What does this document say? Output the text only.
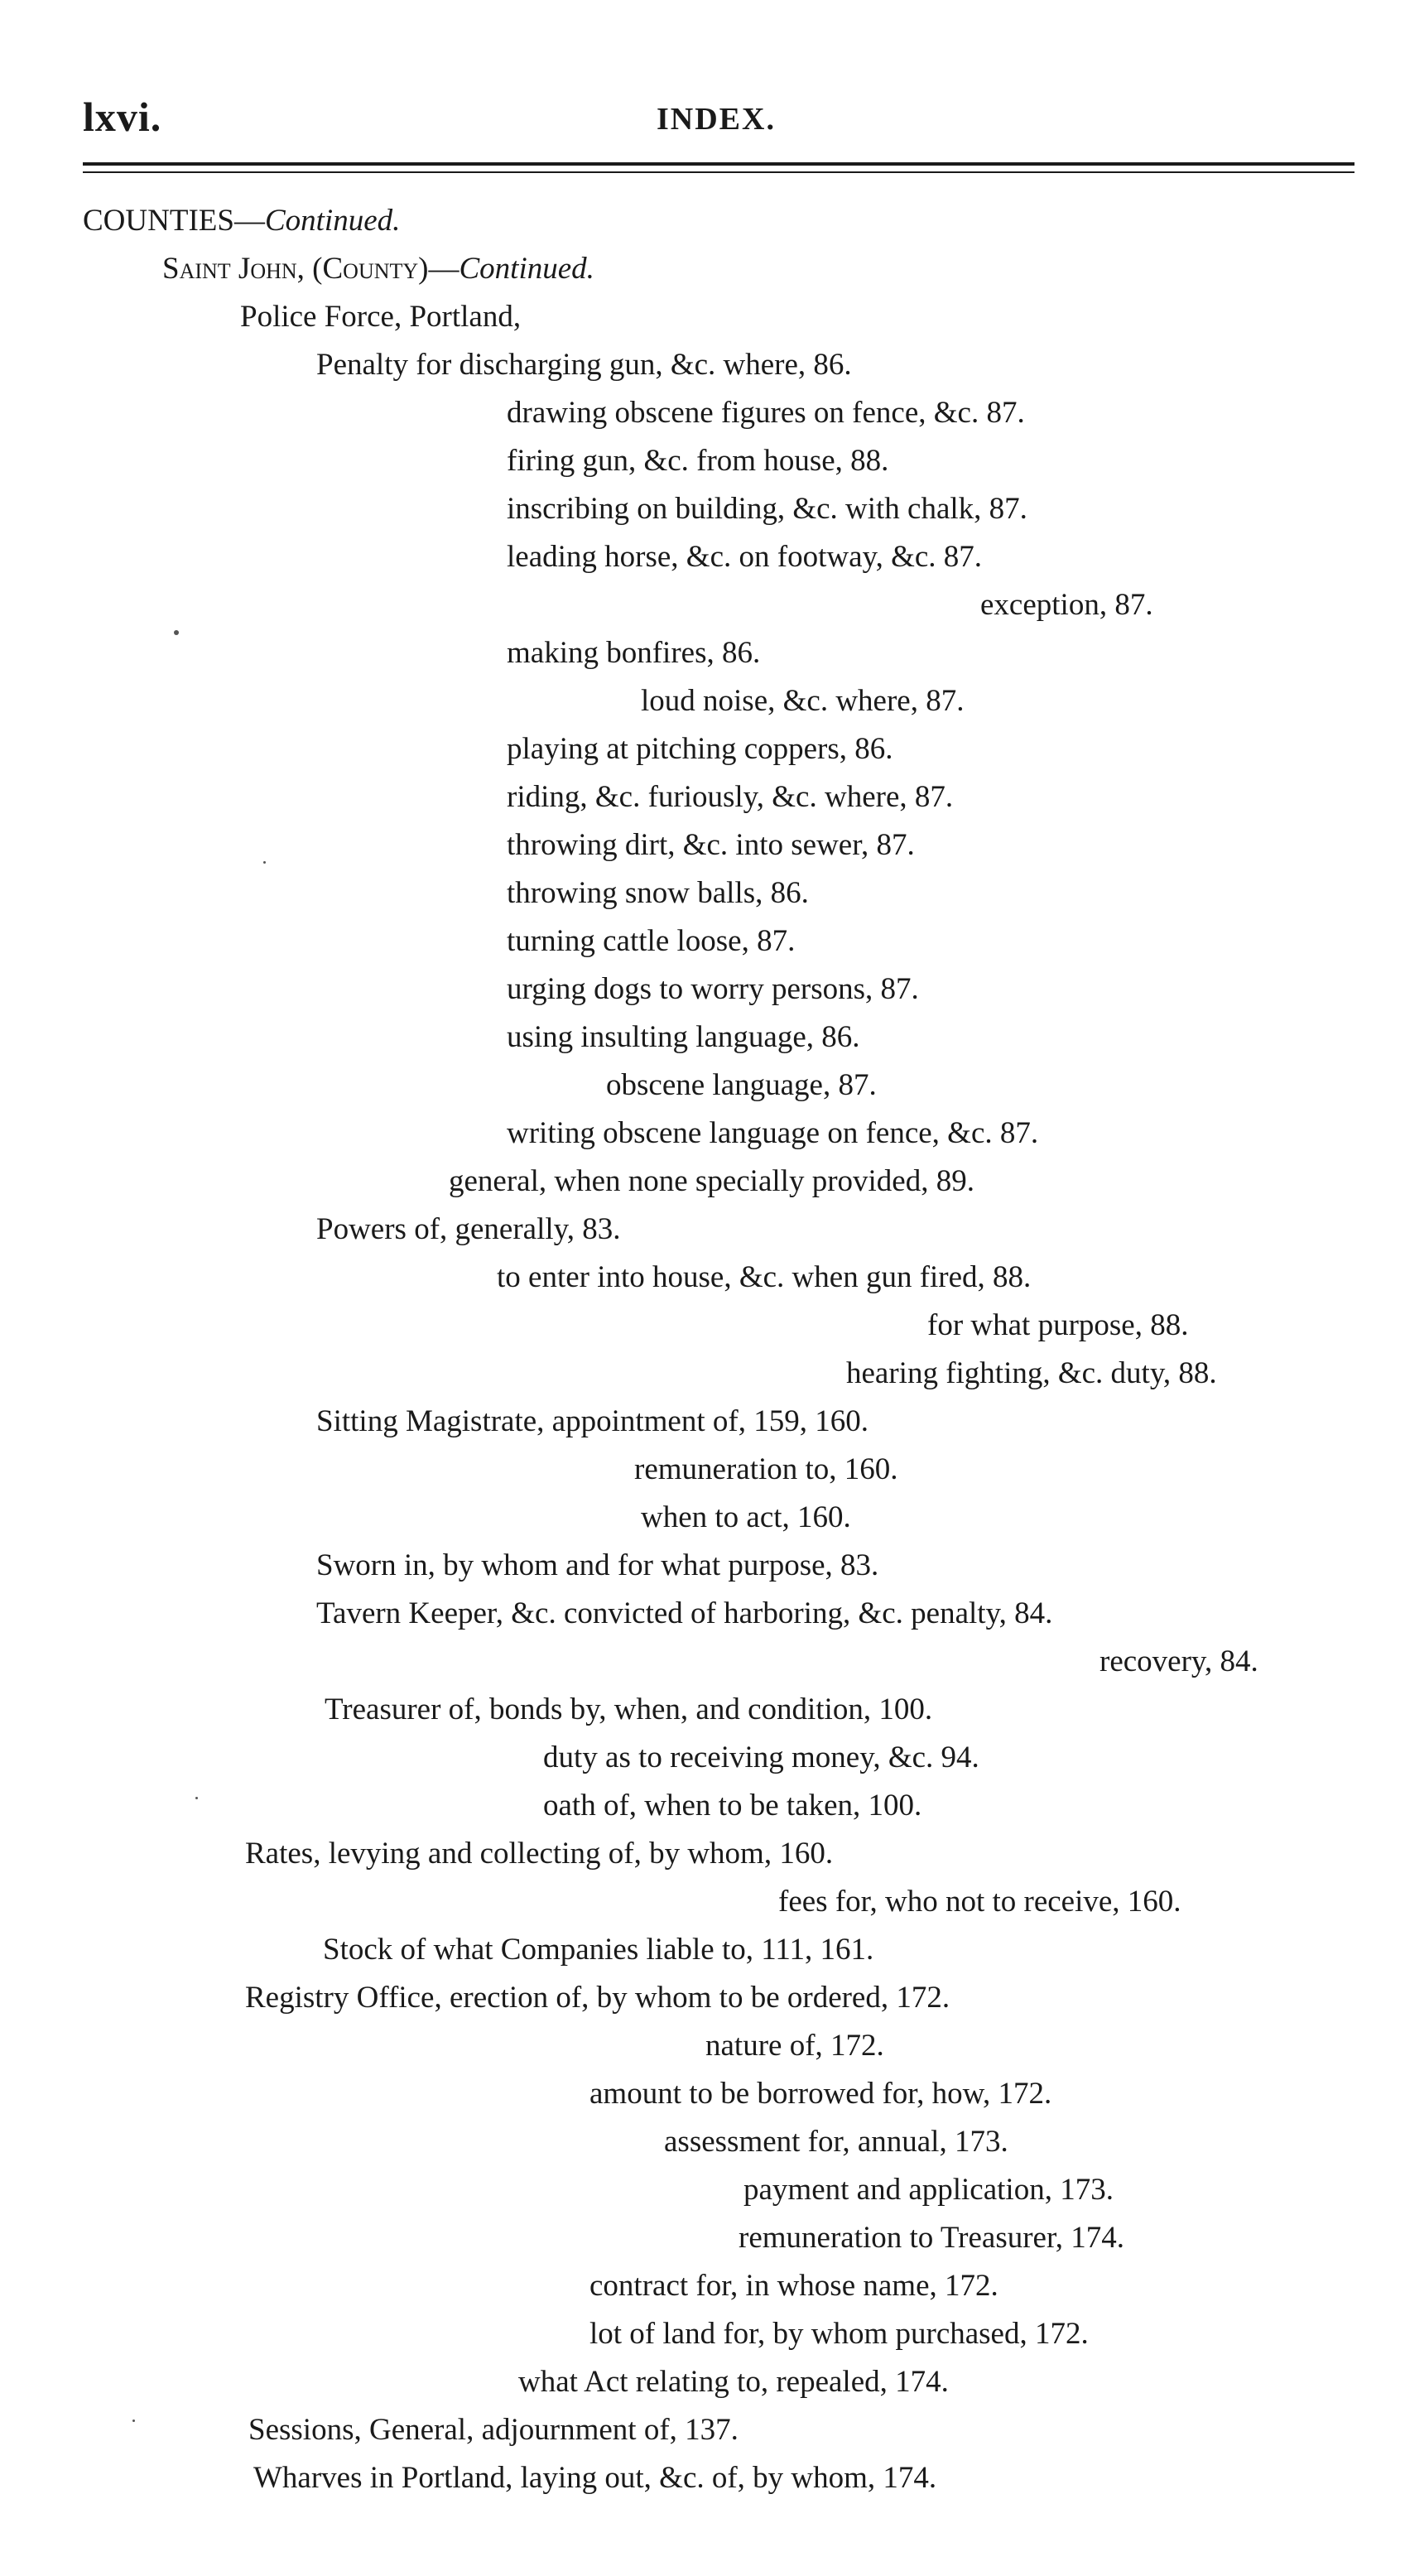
lxvi.	INDEX.
COUNTIES—Continued.
Saint John, (County)—Continued.
Police Force, Portland,
Penalty for discharging gun, &c. where, 86.
drawing obscene figures on fence, &c. 87.
firing gun, &c. from house, 88.
inscribing on building, &c. with chalk, 87.
leading horse, &c. on footway, &c. 87.
exception, 87.
making bonfires, 86.
loud noise, &c. where, 87.
playing at pitching coppers, 86.
riding, &c. furiously, &c. where, 87.
throwing dirt, &c. into sewer, 87.
throwing snow balls, 86.
turning cattle loose, 87.
urging dogs to worry persons, 87.
using insulting language, 86.
obscene language, 87.
writing obscene language on fence, &c. 87.
general, when none specially provided, 89.
Powers of, generally, 83.
to enter into house, &c. when gun fired, 88.
for what purpose, 88.
hearing fighting, &c. duty, 88.
Sitting Magistrate, appointment of, 159, 160.
remuneration to, 160.
when to act, 160.
Sworn in, by whom and for what purpose, 83.
Tavern Keeper, &c. convicted of harboring, &c. penalty, 84.
recovery, 84.
Treasurer of, bonds by, when, and condition, 100.
duty as to receiving money, &c. 94.
oath of, when to be taken, 100.
Rates, levying and collecting of, by whom, 160.
fees for, who not to receive, 160.
Stock of what Companies liable to, 111, 161.
Registry Office, erection of, by whom to be ordered, 172.
nature of, 172.
amount to be borrowed for, how, 172.
assessment for, annual, 173.
payment and application, 173.
remuneration to Treasurer, 174.
contract for, in whose name, 172.
lot of land for, by whom purchased, 172.
what Act relating to, repealed, 174.
Sessions, General, adjournment of, 137.
Wharves in Portland, laying out, &c. of, by whom, 174.
